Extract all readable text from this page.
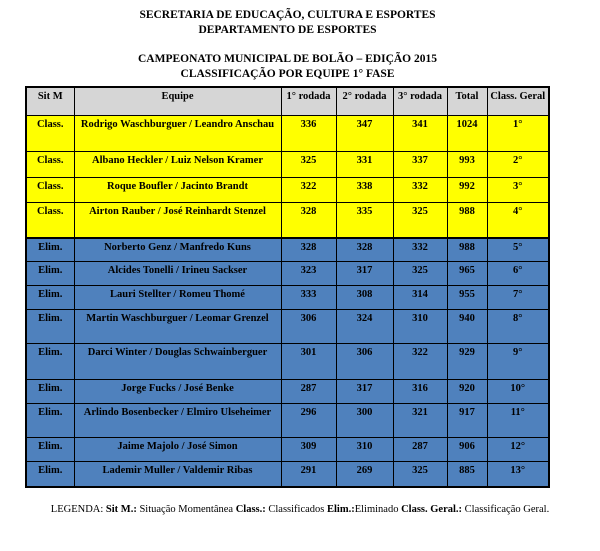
SECRETARIA DE EDUCAÇÃO, CULTURA E ESPORTES
DEPARTAMENTO DE ESPORTES
CAMPEONATO MUNICIPAL DE BOLÃO – EDIÇÃO 2015
CLASSIFICAÇÃO POR EQUIPE 1° FASE
Sit M	Equipe	1° rodada	2° rodada	3° rodada	Total	Class. Geral
Class.	Rodrigo Waschburguer / Leandro Anschau	336	347	341	1024	1°
Class.	Albano Heckler / Luiz Nelson Kramer	325	331	337	993	2°
Class.	Roque Boufler / Jacinto Brandt	322	338	332	992	3°
Class.	Airton Rauber / José Reinhardt Stenzel	328	335	325	988	4°
Elim.	Norberto Genz / Manfredo Kuns	328	328	332	988	5°
Elim.	Alcides Tonelli / Irineu Sackser	323	317	325	965	6°
Elim.	Lauri Stellter / Romeu Thomé	333	308	314	955	7°
Elim.	Martin Waschburguer / Leomar Grenzel	306	324	310	940	8°
Elim.	Darci Winter / Douglas Schwainberguer	301	306	322	929	9°
Elim.	Jorge Fucks / José Benke	287	317	316	920	10°
Elim.	Arlindo Bosenbecker / Elmiro Ulseheimer	296	300	321	917	11°
Elim.	Jaime Majolo / José Simon	309	310	287	906	12°
Elim.	Lademir Muller / Valdemir Ribas	291	269	325	885	13°
LEGENDA: Sit M.: Situação Momentânea Class.: Classificados Elim.:Eliminado Class. Geral.: Classificação Geral.
